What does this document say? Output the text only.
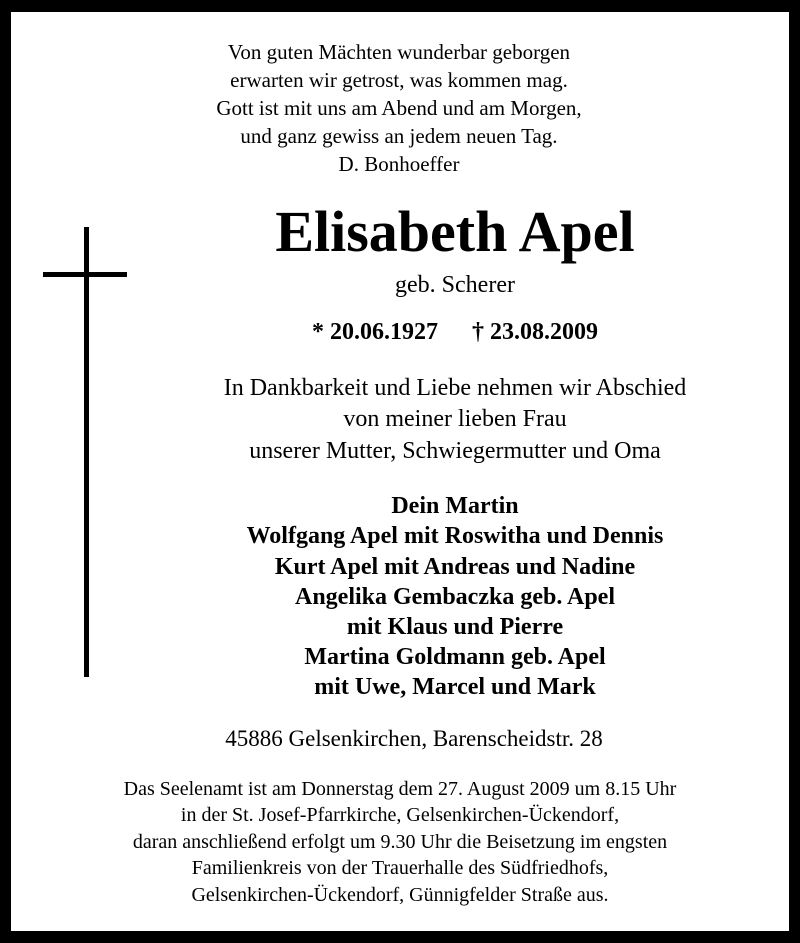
Von guten Mächten wunderbar geborgen
erwarten wir getrost, was kommen mag.
Gott ist mit uns am Abend und am Morgen,
und ganz gewiss an jedem neuen Tag.
D. Bonhoeffer
Elisabeth Apel
geb. Scherer
* 20.06.1927 † 23.08.2009
In Dankbarkeit und Liebe nehmen wir Abschied
von meiner lieben Frau
unserer Mutter, Schwiegermutter und Oma
Dein Martin
Wolfgang Apel mit Roswitha und Dennis
Kurt Apel mit Andreas und Nadine
Angelika Gembaczka geb. Apel
mit Klaus und Pierre
Martina Goldmann geb. Apel
mit Uwe, Marcel und Mark
45886 Gelsenkirchen, Barenscheidstr. 28
Das Seelenamt ist am Donnerstag dem 27. August 2009 um 8.15 Uhr
in der St. Josef-Pfarrkirche, Gelsenkirchen-Ückendorf,
daran anschließend erfolgt um 9.30 Uhr die Beisetzung im engsten
Familienkreis von der Trauerhalle des Südfriedhofs,
Gelsenkirchen-Ückendorf, Günnigfelder Straße aus.
